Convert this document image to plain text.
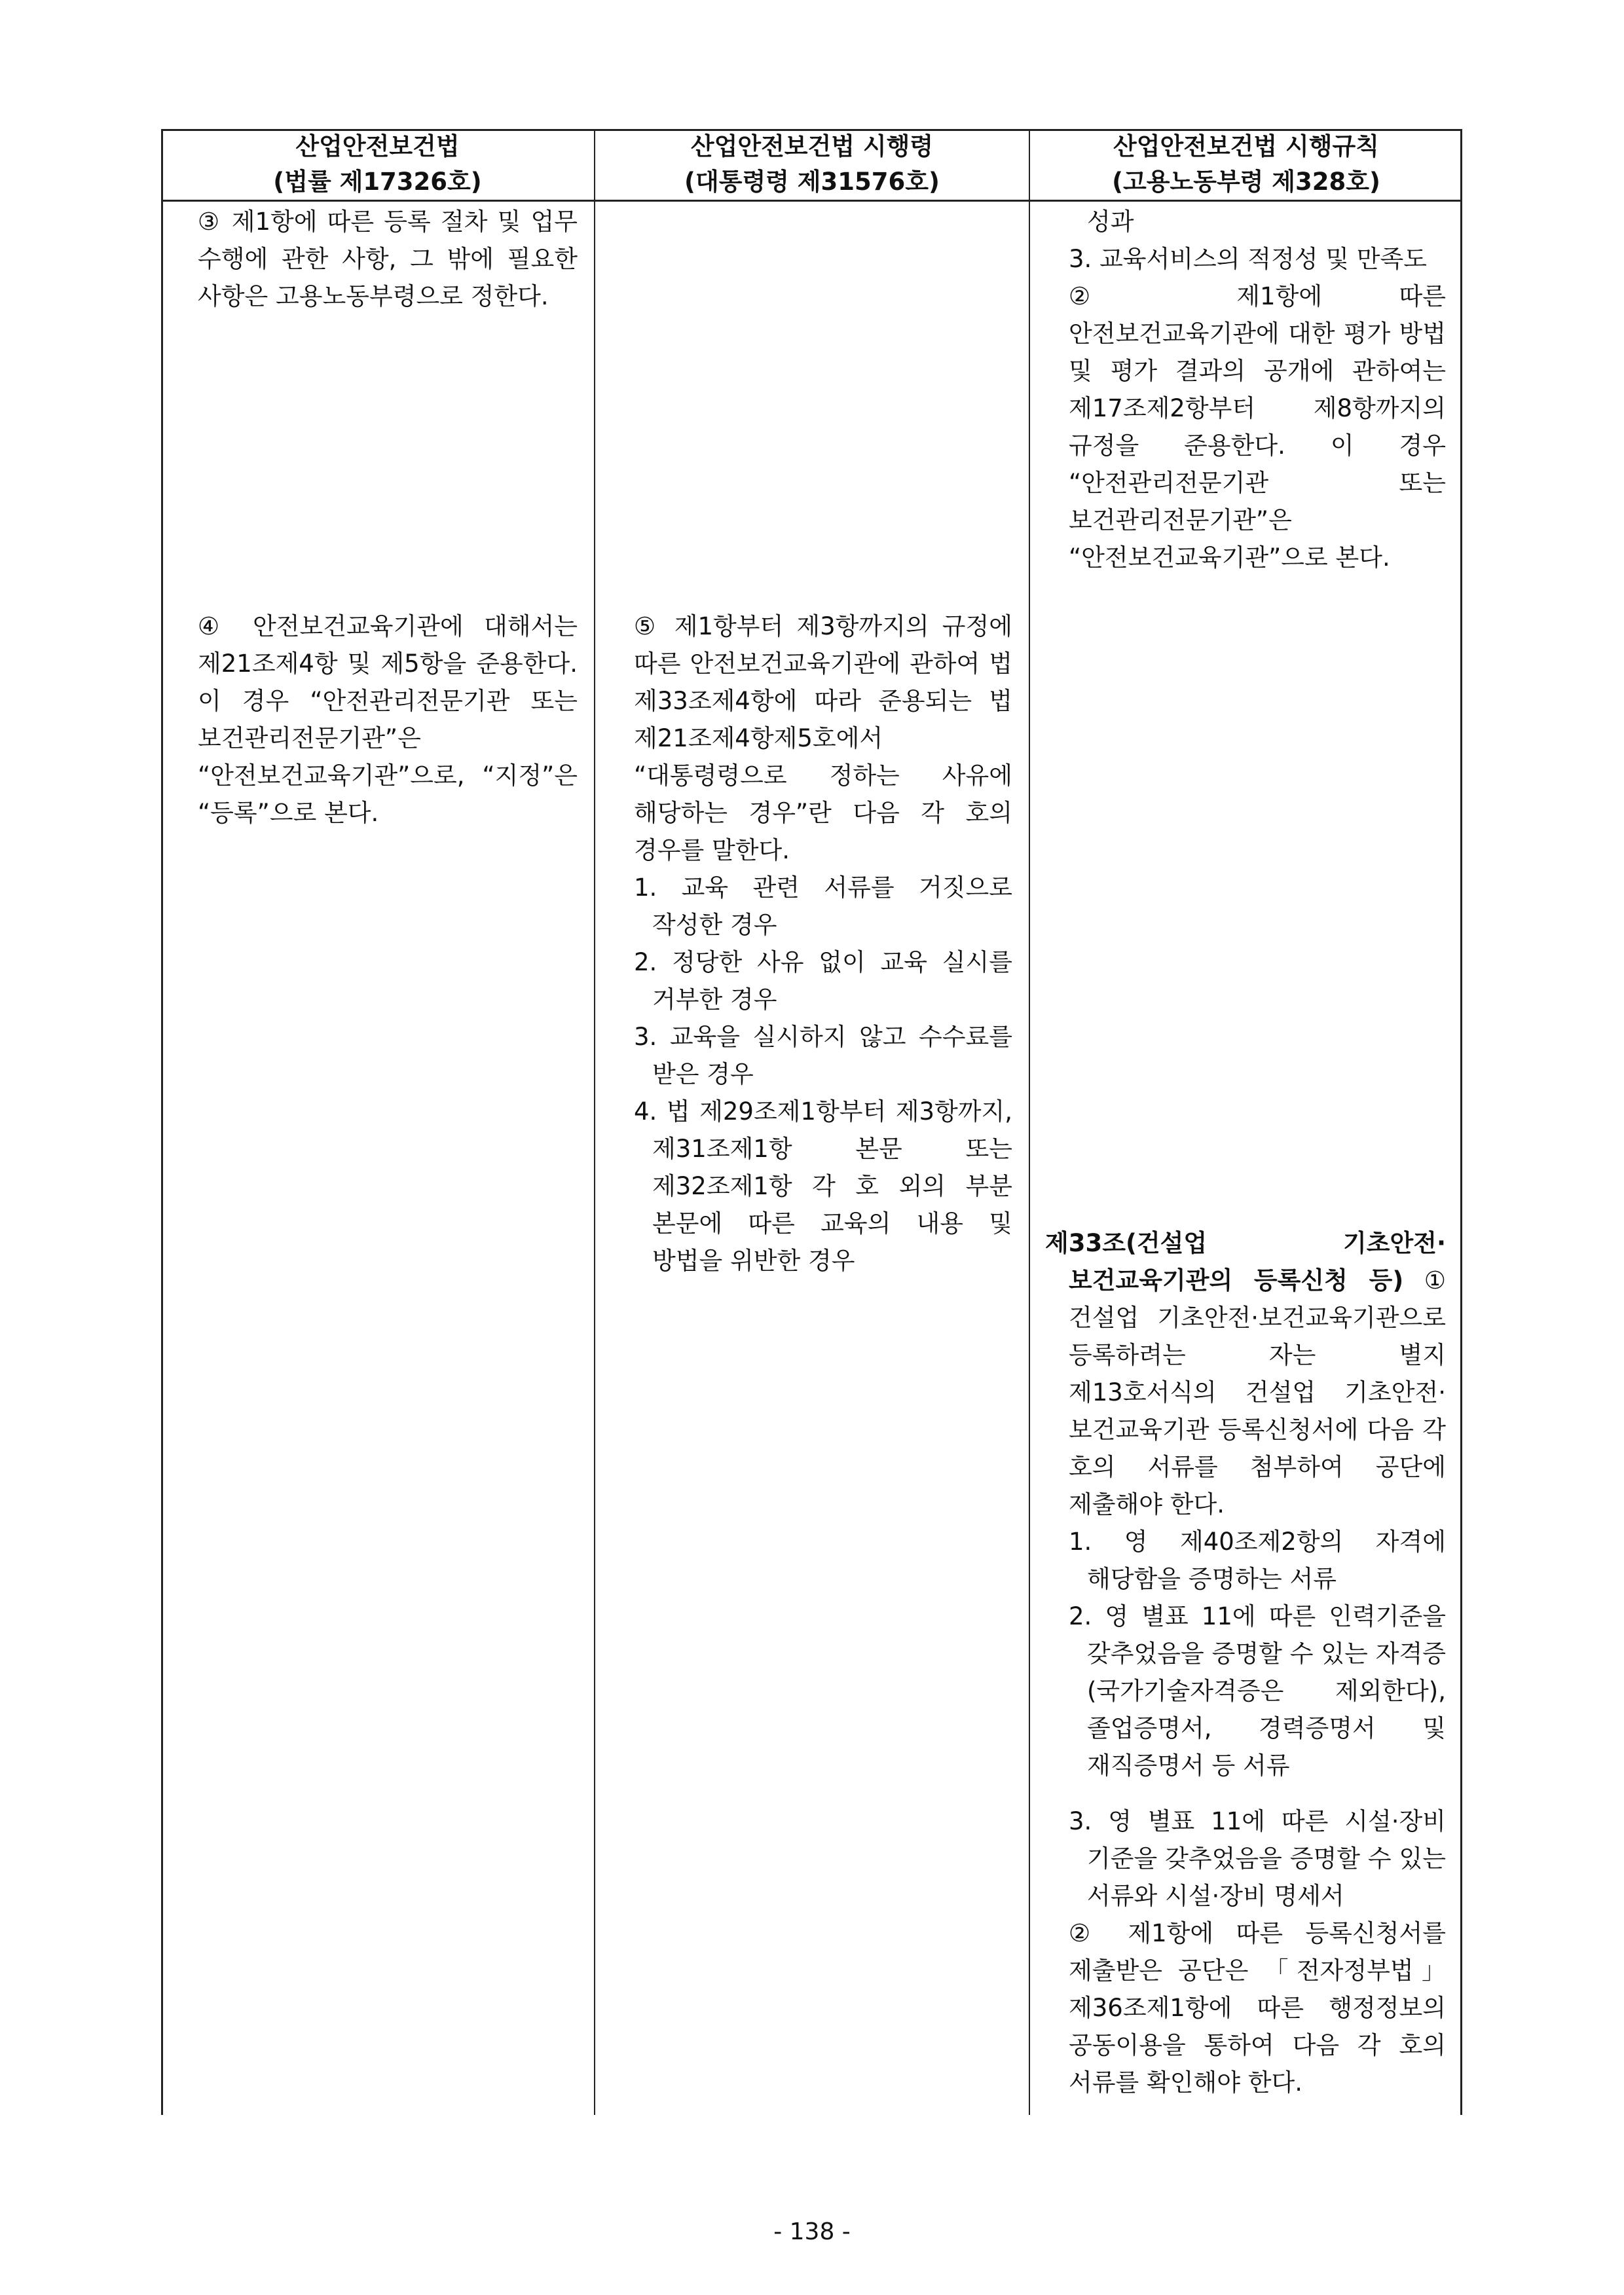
산업안전보건법
(법률 제17326호)
산업안전보건법 시행령
(대통령령 제31576호)
산업안전보건법 시행규칙
(고용노동부령 제328호)

③ 제1항에 따른 등록 절차 및 업무 수행에 관한 사항, 그 밖에 필요한 사항은 고용노동부령으로 정한다.

④ 안전보건교육기관에 대해서는 제21조제4항 및 제5항을 준용한다. 이 경우 “안전관리전문기관 또는 보건관리전문기관”은 “안전보건교육기관”으로, “지정”은 “등록”으로 본다.

⑤ 제1항부터 제3항까지의 규정에 따른 안전보건교육기관에 관하여 법 제33조제4항에 따라 준용되는 법 제21조제4항제5호에서 “대통령령으로 정하는 사유에 해당하는 경우”란 다음 각 호의 경우를 말한다.

1. 교육 관련 서류를 거짓으로 작성한 경우

2. 정당한 사유 없이 교육 실시를 거부한 경우

3. 교육을 실시하지 않고 수수료를 받은 경우

4. 법 제29조제1항부터 제3항까지, 제31조제1항 본문 또는 제32조제1항 각 호 외의 부분 본문에 따른 교육의 내용 및 방법을 위반한 경우

성과

3. 교육서비스의 적정성 및 만족도

② 제1항에 따른 안전보건교육기관에 대한 평가 방법 및 평가 결과의 공개에 관하여는 제17조제2항부터 제8항까지의 규정을 준용한다. 이 경우 “안전관리전문기관 또는 보건관리전문기관”은 “안전보건교육기관”으로 본다.

제33조(건설업 기초안전·보건교육기관의 등록신청 등) ① 건설업 기초안전·보건교육기관으로 등록하려는 자는 별지 제13호서식의 건설업 기초안전·보건교육기관 등록신청서에 다음 각 호의 서류를 첨부하여 공단에 제출해야 한다.

1. 영 제40조제2항의 자격에 해당함을 증명하는 서류

2. 영 별표 11에 따른 인력기준을 갖추었음을 증명할 수 있는 자격증(국가기술자격증은 제외한다), 졸업증명서, 경력증명서 및 재직증명서 등 서류

3. 영 별표 11에 따른 시설·장비 기준을 갖추었음을 증명할 수 있는 서류와 시설·장비 명세서

② 제1항에 따른 등록신청서를 제출받은 공단은 「전자정부법」 제36조제1항에 따른 행정정보의 공동이용을 통하여 다음 각 호의 서류를 확인해야 한다.

- 138 -
